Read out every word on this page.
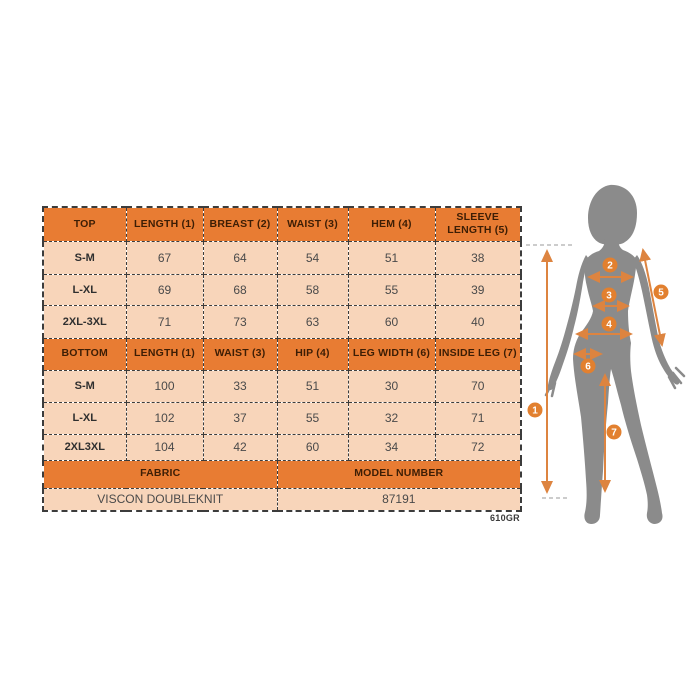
TOP	LENGTH (1)	BREAST (2)	WAIST (3)	HEM (4)	SLEEVE LENGTH (5)
S-M	67	64	54	51	38
L-XL	69	68	58	55	39
2XL-3XL	71	73	63	60	40
BOTTOM	LENGTH (1)	WAIST (3)	HIP (4)	LEG WIDTH (6)	INSIDE LEG (7)
S-M	100	33	51	30	70
L-XL	102	37	55	32	71
2XL3XL	104	42	60	34	72
FABRIC			MODEL NUMBER		
VISCON DOUBLEKNIT			87191		
610GR
1
2
3
4
5
6
7
